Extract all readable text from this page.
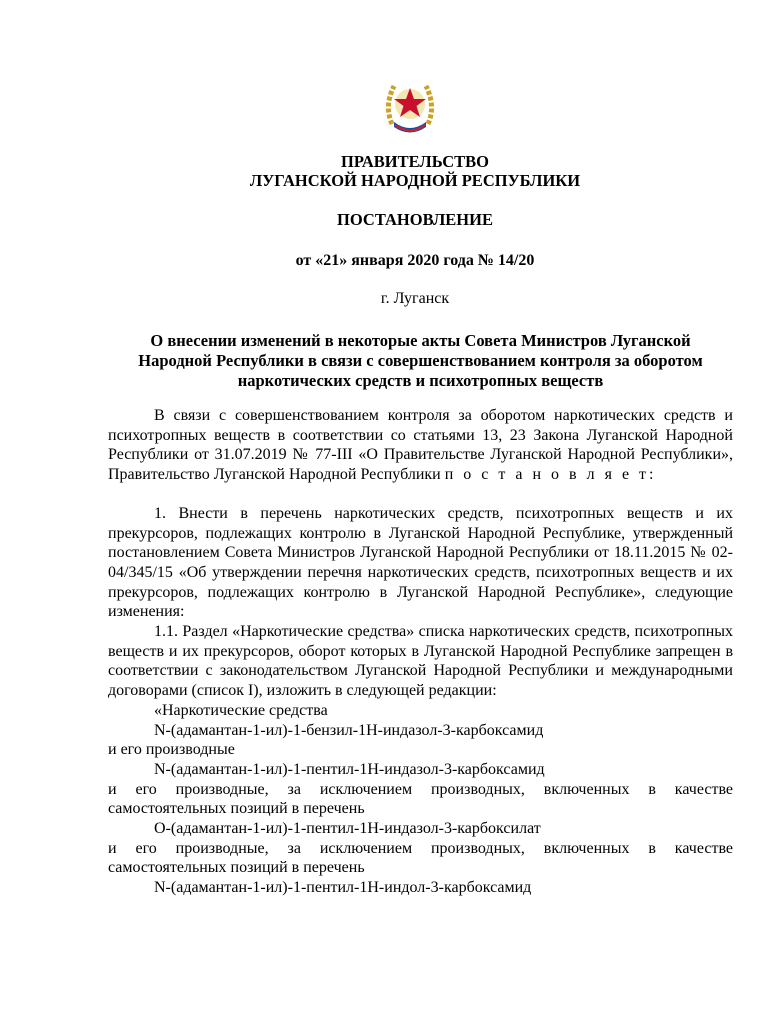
ПРАВИТЕЛЬСТВО
ЛУГАНСКОЙ НАРОДНОЙ РЕСПУБЛИКИ
ПОСТАНОВЛЕНИЕ
от «21» января 2020 года № 14/20
г. Луганск
О внесении изменений в некоторые акты Совета Министров Луганской
Народной Республики в связи с совершенствованием контроля за оборотом
наркотических средств и психотропных веществ

В связи с совершенствованием контроля за оборотом наркотических средств и психотропных веществ в соответствии со статьями 13, 23 Закона Луганской Народной Республики от 31.07.2019 № 77-III «О Правительстве Луганской Народной Республики», Правительство Луганской Народной Республики п о с т а н о в л я е т:

1. Внести в перечень наркотических средств, психотропных веществ и их прекурсоров, подлежащих контролю в Луганской Народной Республике, утвержденный постановлением Совета Министров Луганской Народной Республики от 18.11.2015 № 02-04/345/15 «Об утверждении перечня наркотических средств, психотропных веществ и их прекурсоров, подлежащих контролю в Луганской Народной Республике», следующие изменения:

1.1. Раздел «Наркотические средства» списка наркотических средств, психотропных веществ и их прекурсоров, оборот которых в Луганской Народной Республике запрещен в соответствии с законодательством Луганской Народной Республики и международными договорами (список I), изложить в следующей редакции:

«Наркотические средства

N-(адамантан-1-ил)-1-бензил-1Н-индазол-3-карбоксамид

и его производные

N-(адамантан-1-ил)-1-пентил-1Н-индазол-3-карбоксамид

и его производные, за исключением производных, включенных в качестве самостоятельных позиций в перечень

О-(адамантан-1-ил)-1-пентил-1Н-индазол-3-карбоксилат

и его производные, за исключением производных, включенных в качестве самостоятельных позиций в перечень

N-(адамантан-1-ил)-1-пентил-1Н-индол-3-карбоксамид
